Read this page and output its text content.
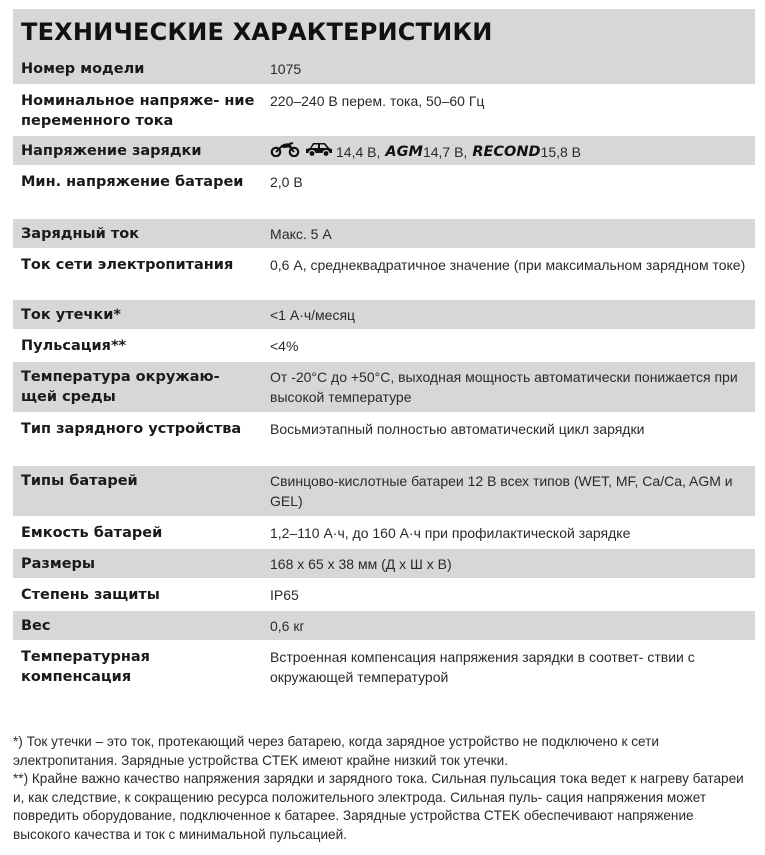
ТЕХНИЧЕСКИЕ ХАРАКТЕРИСТИКИ
Номер модели	1075
Номинальное напряже- ние переменного тока	220–240 В перем. тока, 50–60 Гц
Напряжение зарядки	14,4 В, AGM 14,7 В, RECOND 15,8 В

Мин. напряжение батареи	2,0 В
Зарядный ток	Макс. 5 А
Ток сети электропитания	0,6 А, среднеквадратичное значение (при максимальном зарядном токе)
Ток утечки*	<1 А·ч/месяц
Пульсация**	<4%
Температура окружаю- щей среды	От -20°С до +50°С, выходная мощность автоматически понижается при высокой температуре
Тип зарядного устройства	Восьмиэтапный полностью автоматический цикл зарядки
Типы батарей	Свинцово-кислотные батареи 12 В всех типов (WET, MF, Ca/Ca, AGM и GEL)
Емкость батарей	1,2–110 А·ч, до 160 А·ч при профилактической зарядке
Размеры	168 x 65 x 38 мм (Д x Ш x В)
Степень защиты	IP65
Вес	0,6 кг
Температурная компенсация	Встроенная компенсация напряжения зарядки в соответ- ствии с окружающей температурой

*) Ток утечки – это ток, протекающий через батарею, когда зарядное устройство не подключено к сети электропитания. Зарядные устройства CTEK имеют крайне низкий ток утечки.

**) Крайне важно качество напряжения зарядки и зарядного тока. Сильная пульсация тока ведет к нагреву батареи и, как следствие, к сокращению ресурса положительного электрода. Сильная пуль- сация напряжения может повредить оборудование, подключенное к батарее. Зарядные устройства CTEK обеспечивают напряжение высокого качества и ток с минимальной пульсацией.
